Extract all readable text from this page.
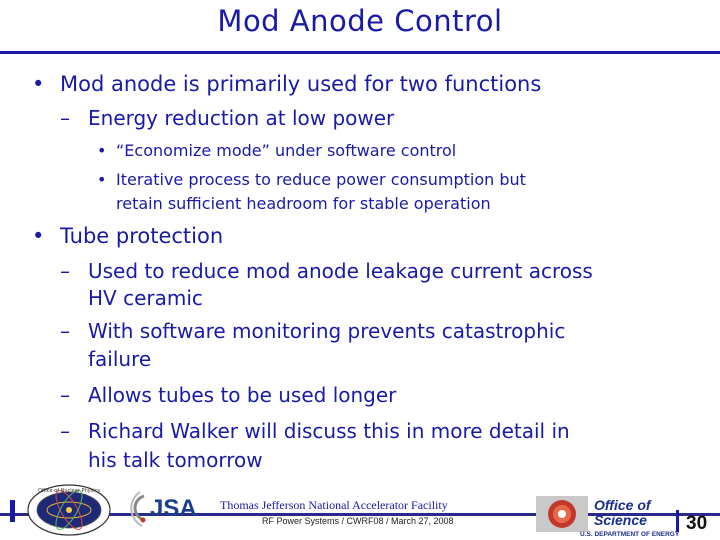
Mod Anode Control
• Mod anode is primarily used for two functions
– Energy reduction at low power
• “Economize mode” under software control
• Iterative process to reduce power consumption but
retain sufficient headroom for stable operation
• Tube protection
– Used to reduce mod anode leakage current across
HV ceramic
– With software monitoring prevents catastrophic
failure
– Allows tubes to be used longer
– Richard Walker will discuss this in more detail in
his talk tomorrow
Office of Nuclear Physics
JSA Thomas Jefferson National Accelerator Facility
RF Power Systems / CWRF08 / March 27, 2008
Office of
Science
U.S. DEPARTMENT OF ENERGY
30
